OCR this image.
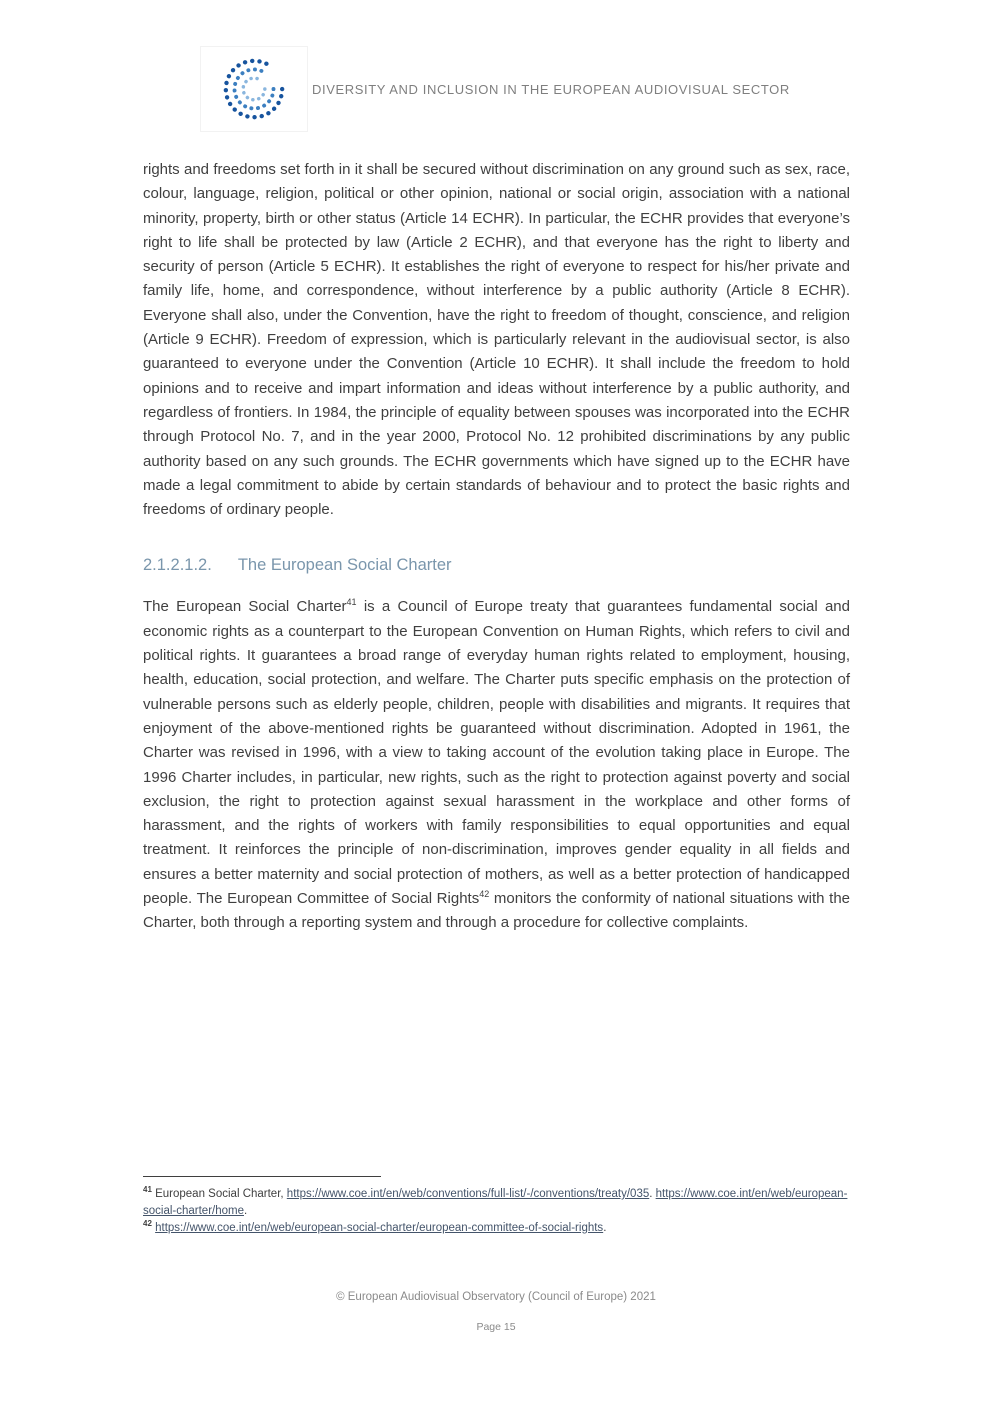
DIVERSITY AND INCLUSION IN THE EUROPEAN AUDIOVISUAL SECTOR

rights and freedoms set forth in it shall be secured without discrimination on any ground such as sex, race, colour, language, religion, political or other opinion, national or social origin, association with a national minority, property, birth or other status (Article 14 ECHR). In particular, the ECHR provides that everyone’s right to life shall be protected by law (Article 2 ECHR), and that everyone has the right to liberty and security of person (Article 5 ECHR). It establishes the right of everyone to respect for his/her private and family life, home, and correspondence, without interference by a public authority (Article 8 ECHR). Everyone shall also, under the Convention, have the right to freedom of thought, conscience, and religion (Article 9 ECHR). Freedom of expression, which is particularly relevant in the audiovisual sector, is also guaranteed to everyone under the Convention (Article 10 ECHR). It shall include the freedom to hold opinions and to receive and impart information and ideas without interference by a public authority, and regardless of frontiers. In 1984, the principle of equality between spouses was incorporated into the ECHR through Protocol No. 7, and in the year 2000, Protocol No. 12 prohibited discriminations by any public authority based on any such grounds. The ECHR governments which have signed up to the ECHR have made a legal commitment to abide by certain standards of behaviour and to protect the basic rights and freedoms of ordinary people.

2.1.2.1.2. The European Social Charter

The European Social Charter$^{41}$ is a Council of Europe treaty that guarantees fundamental social and economic rights as a counterpart to the European Convention on Human Rights, which refers to civil and political rights. It guarantees a broad range of everyday human rights related to employment, housing, health, education, social protection, and welfare. The Charter puts specific emphasis on the protection of vulnerable persons such as elderly people, children, people with disabilities and migrants. It requires that enjoyment of the above-mentioned rights be guaranteed without discrimination. Adopted in 1961, the Charter was revised in 1996, with a view to taking account of the evolution taking place in Europe. The 1996 Charter includes, in particular, new rights, such as the right to protection against poverty and social exclusion, the right to protection against sexual harassment in the workplace and other forms of harassment, and the rights of workers with family responsibilities to equal opportunities and equal treatment. It reinforces the principle of non-discrimination, improves gender equality in all fields and ensures a better maternity and social protection of mothers, as well as a better protection of handicapped people. The European Committee of Social Rights$^{42}$ monitors the conformity of national situations with the Charter, both through a reporting system and through a procedure for collective complaints.

$^{41}$ European Social Charter, https://www.coe.int/en/web/conventions/full-list/-/conventions/treaty/035. https://www.coe.int/en/web/european-social-charter/home.

$^{42}$ https://www.coe.int/en/web/european-social-charter/european-committee-of-social-rights.

© European Audiovisual Observatory (Council of Europe) 2021

Page 15
